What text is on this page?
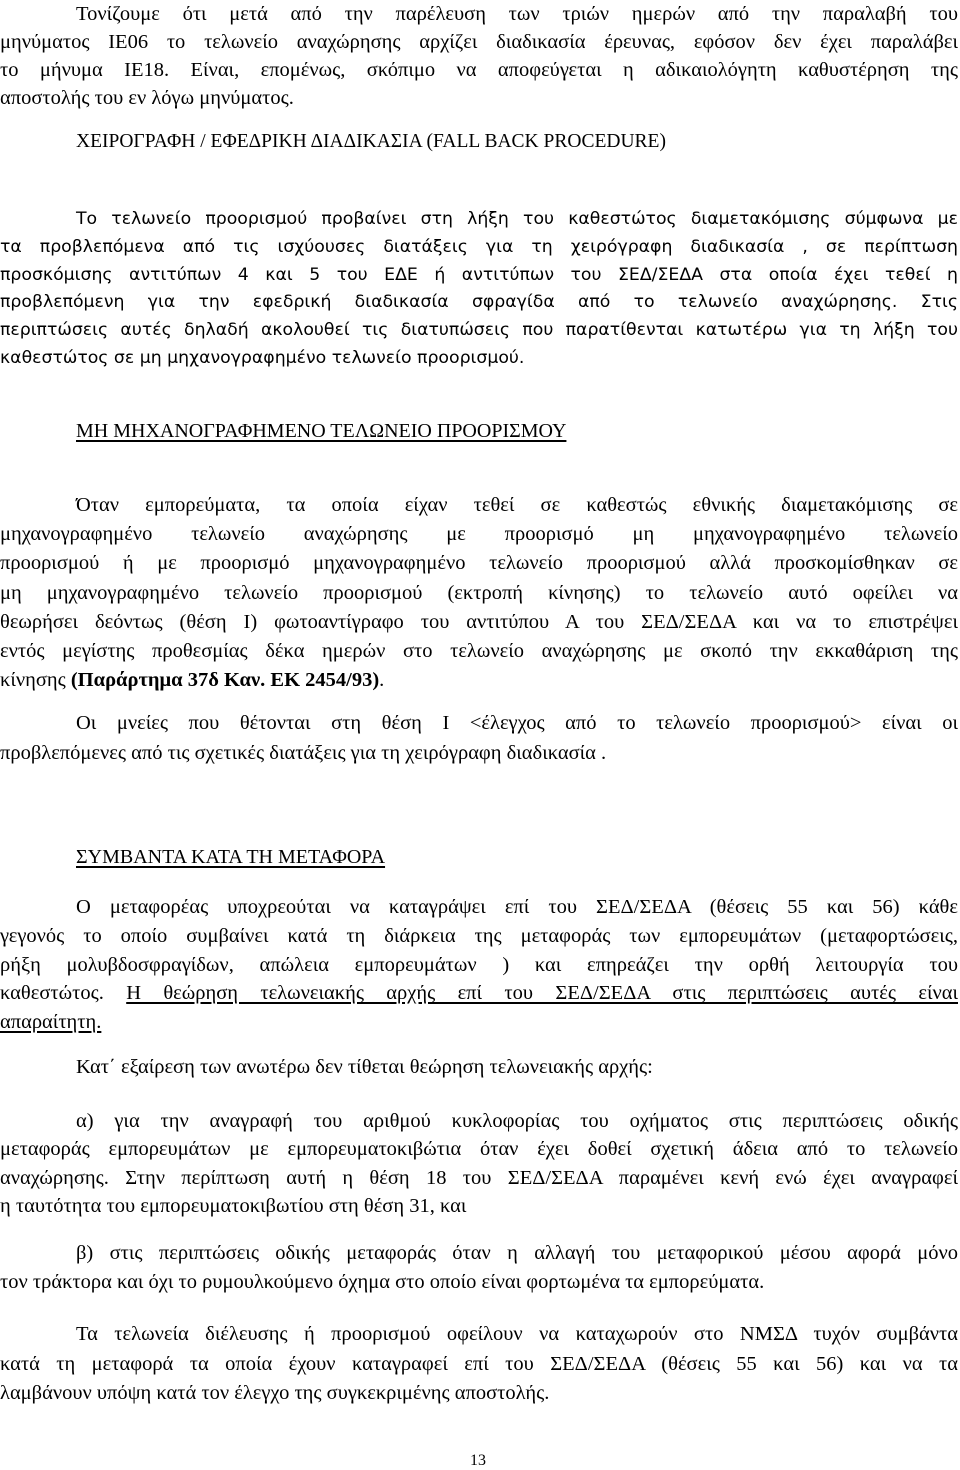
Τονίζουμε ότι μετά από την παρέλευση των τριών ημερών από την παραλαβή του
μηνύματος ΙΕ06 το τελωνείο αναχώρησης αρχίζει διαδικασία έρευνας, εφόσον δεν έχει παραλάβει
το μήνυμα ΙΕ18. Είναι, επομένως, σκόπιμο να αποφεύγεται η αδικαιολόγητη καθυστέρηση της
αποστολής του εν λόγω μηνύματος.
ΧΕΙΡΟΓΡΑΦΗ / ΕΦΕΔΡΙΚΗ ΔΙΑΔΙΚΑΣΙΑ (FALL BACK PROCEDURE)
Το τελωνείο προορισμού προβαίνει στη λήξη του καθεστώτος διαμετακόμισης σύμφωνα με
τα προβλεπόμενα από τις ισχύουσες διατάξεις για τη χειρόγραφη διαδικασία , σε περίπτωση
προσκόμισης αντιτύπων 4 και 5 του ΕΔΕ ή αντιτύπων του ΣΕΔ/ΣΕΔΑ στα οποία έχει τεθεί η
προβλεπόμενη για την εφεδρική διαδικασία σφραγίδα από το τελωνείο αναχώρησης. Στις
περιπτώσεις αυτές δηλαδή ακολουθεί τις διατυπώσεις που παρατίθενται κατωτέρω για τη λήξη του
καθεστώτος σε μη μηχανογραφημένο τελωνείο προορισμού.
ΜΗ ΜΗΧΑΝΟΓΡΑΦΗΜΕΝΟ ΤΕΛΩΝΕΙΟ ΠΡΟΟΡΙΣΜΟΥ
Όταν εμπορεύματα, τα οποία είχαν τεθεί σε καθεστώς εθνικής διαμετακόμισης σε
μηχανογραφημένο τελωνείο αναχώρησης με προορισμό μη μηχανογραφημένο τελωνείο
προορισμού ή με προορισμό μηχανογραφημένο τελωνείο προορισμού αλλά προσκομίσθηκαν σε
μη μηχανογραφημένο τελωνείο προορισμού (εκτροπή κίνησης) το τελωνείο αυτό οφείλει να
θεωρήσει δεόντως (θέση Ι) φωτοαντίγραφο του αντιτύπου Α του ΣΕΔ/ΣΕΔΑ και να το επιστρέψει
εντός μεγίστης προθεσμίας δέκα ημερών στο τελωνείο αναχώρησης με σκοπό την εκκαθάριση της
κίνησης (Παράρτημα 37δ Καν. ΕΚ 2454/93).
Οι μνείες που θέτονται στη θέση Ι <έλεγχος από το τελωνείο προορισμού> είναι οι
προβλεπόμενες από τις σχετικές διατάξεις για τη χειρόγραφη διαδικασία .
ΣΥΜΒΑΝΤΑ ΚΑΤΑ ΤΗ ΜΕΤΑΦΟΡΑ
Ο μεταφορέας υποχρεούται να καταγράψει επί του ΣΕΔ/ΣΕΔΑ (θέσεις 55 και 56) κάθε
γεγονός το οποίο συμβαίνει κατά τη διάρκεια της μεταφοράς των εμπορευμάτων (μεταφορτώσεις,
ρήξη μολυβδοσφραγίδων, απώλεια εμπορευμάτων ) και επηρεάζει την ορθή λειτουργία του
καθεστώτος. Η θεώρηση τελωνειακής αρχής επί του ΣΕΔ/ΣΕΔΑ στις περιπτώσεις αυτές είναι
απαραίτητη.
Κατ΄ εξαίρεση των ανωτέρω δεν τίθεται θεώρηση τελωνειακής αρχής:
α) για την αναγραφή του αριθμού κυκλοφορίας του οχήματος στις περιπτώσεις οδικής
μεταφοράς εμπορευμάτων με εμπορευματοκιβώτια όταν έχει δοθεί σχετική άδεια από το τελωνείο
αναχώρησης. Στην περίπτωση αυτή η θέση 18 του ΣΕΔ/ΣΕΔΑ παραμένει κενή ενώ έχει αναγραφεί
η ταυτότητα του εμπορευματοκιβωτίου στη θέση 31, και
β) στις περιπτώσεις οδικής μεταφοράς όταν η αλλαγή του μεταφορικού μέσου αφορά μόνο
τον τράκτορα και όχι το ρυμουλκούμενο όχημα στο οποίο είναι φορτωμένα τα εμπορεύματα.
Τα τελωνεία διέλευσης ή προορισμού οφείλουν να καταχωρούν στο ΝΜΣΔ τυχόν συμβάντα
κατά τη μεταφορά τα οποία έχουν καταγραφεί επί του ΣΕΔ/ΣΕΔΑ (θέσεις 55 και 56) και να τα
λαμβάνουν υπόψη κατά τον έλεγχο της συγκεκριμένης αποστολής.
13
